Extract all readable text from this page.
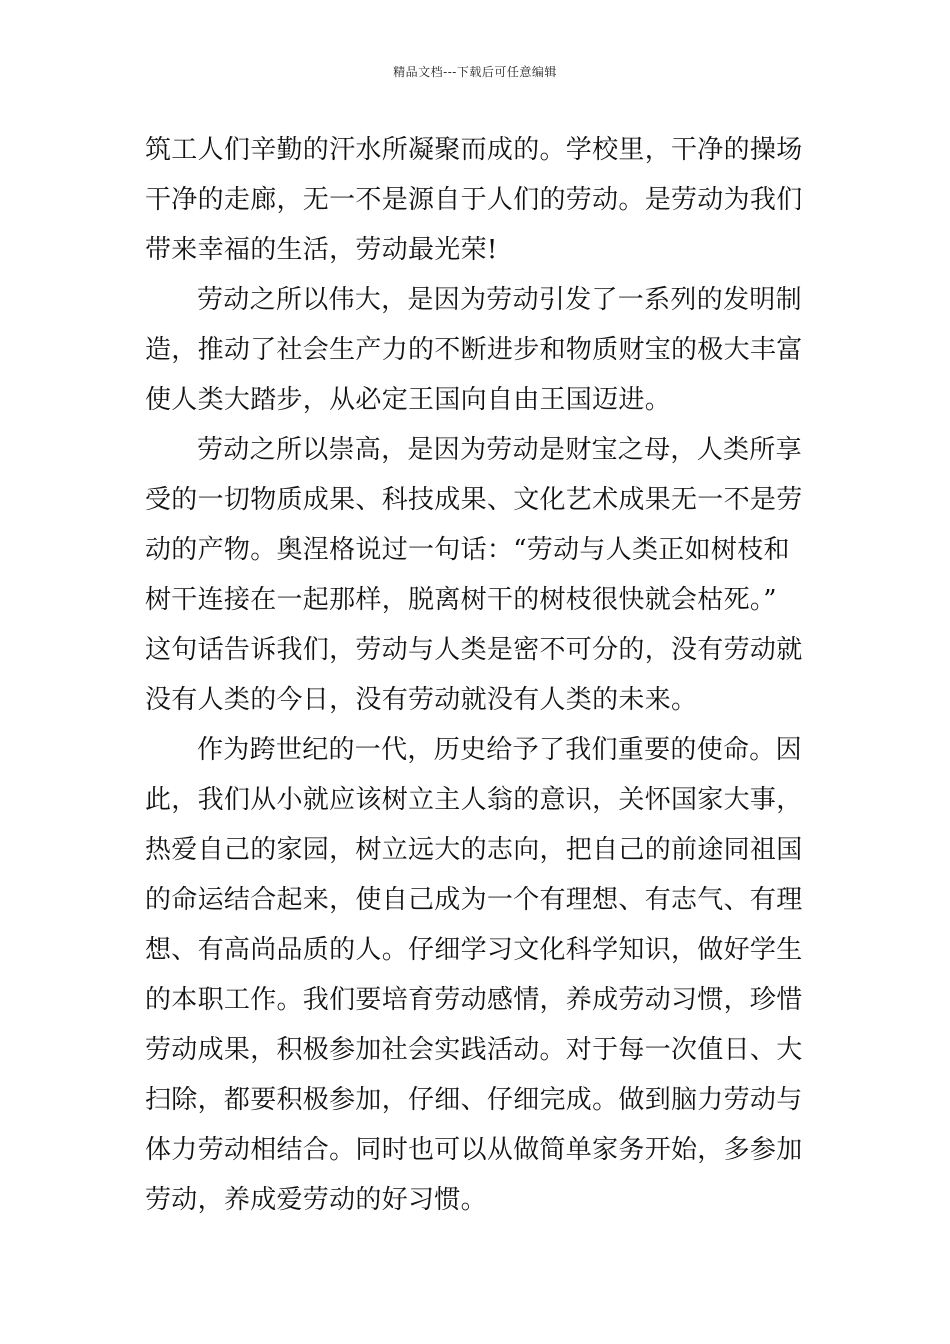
精品文档---下载后可任意编辑
筑工人们辛勤的汗水所凝聚而成的。学校里，干净的操场
干净的走廊，无一不是源自于人们的劳动。是劳动为我们
带来幸福的生活，劳动最光荣!
劳动之所以伟大，是因为劳动引发了一系列的发明制
造，推动了社会生产力的不断进步和物质财宝的极大丰富
使人类大踏步，从必定王国向自由王国迈进。
劳动之所以崇高，是因为劳动是财宝之母，人类所享
受的一切物质成果、科技成果、文化艺术成果无一不是劳
动的产物。奥涅格说过一句话：“劳动与人类正如树枝和
树干连接在一起那样，脱离树干的树枝很快就会枯死。”
这句话告诉我们，劳动与人类是密不可分的，没有劳动就
没有人类的今日，没有劳动就没有人类的未来。
作为跨世纪的一代，历史给予了我们重要的使命。因
此，我们从小就应该树立主人翁的意识，关怀国家大事，
热爱自己的家园，树立远大的志向，把自己的前途同祖国
的命运结合起来，使自己成为一个有理想、有志气、有理
想、有高尚品质的人。仔细学习文化科学知识，做好学生
的本职工作。我们要培育劳动感情，养成劳动习惯，珍惜
劳动成果，积极参加社会实践活动。对于每一次值日、大
扫除，都要积极参加，仔细、仔细完成。做到脑力劳动与
体力劳动相结合。同时也可以从做简单家务开始，多参加
劳动，养成爱劳动的好习惯。
